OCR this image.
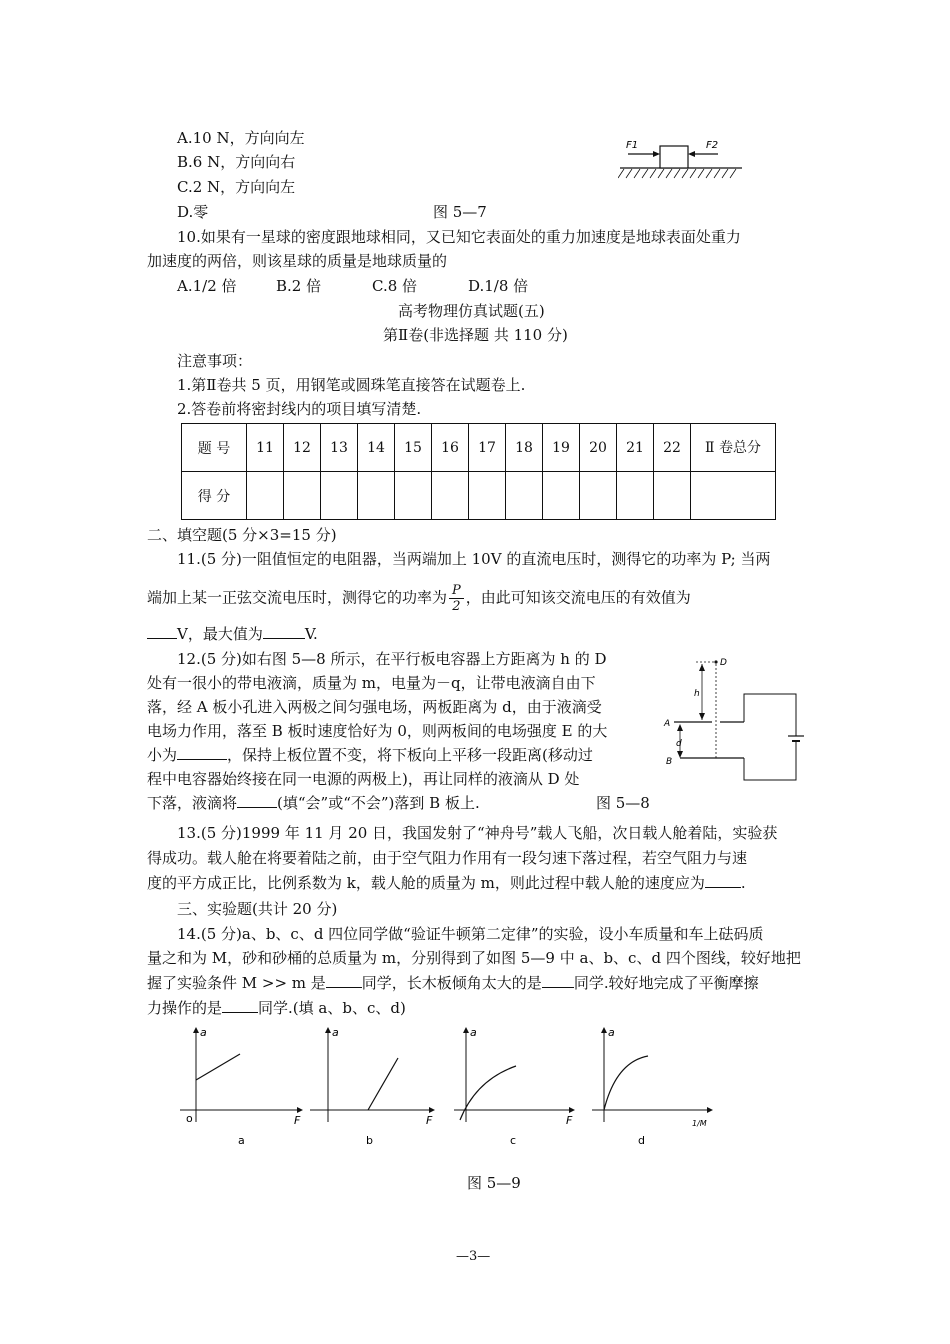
A.10 N，方向向左
B.6 N，方向向右
C.2 N，方向向左
D.零	图 5—7
F1	F2
10.如果有一星球的密度跟地球相同，又已知它表面处的重力加速度是地球表面处重力
加速度的两倍，则该星球的质量是地球质量的
A.1/2 倍	B.2 倍	C.8 倍	D.1/8 倍
高考物理仿真试题(五)
第Ⅱ卷(非选择题 共 110 分)
注意事项：
1.第Ⅱ卷共 5 页，用钢笔或圆珠笔直接答在试题卷上.
2.答卷前将密封线内的项目填写清楚.
题 号	11	12	13	14	15	16	17	18	19	20	21	22	Ⅱ 卷总分
得 分													
二、填空题(5 分×3=15 分)
11.(5 分)一阻值恒定的电阻器，当两端加上 10V 的直流电压时，测得它的功率为 P; 当两
端加上某一正弦交流电压时，测得它的功率为 $\frac{P}{2}$ ，由此可知该交流电压的有效值为
V，最大值为	V.
12.(5 分)如右图 5—8 所示，在平行板电容器上方距离为 h 的 D
处有一很小的带电液滴，质量为 m，电量为－q，让带电液滴自由下
落，经 A 板小孔进入两极之间匀强电场，两板距离为 d，由于液滴受
电场力作用，落至 B 板时速度恰好为 0，则两板间的电场强度 E 的大
小为	，保持上板位置不变，将下板向上平移一段距离(移动过
程中电容器始终接在同一电源的两极上)，再让同样的液滴从 D 处
下落，液滴将	(填“会”或“不会”)落到 B 板上.	图 5—8
D
h
A
B
d
13.(5 分)1999 年 11 月 20 日，我国发射了“神舟号”载人飞船，次日载人舱着陆，实验获
得成功。载人舱在将要着陆之前，由于空气阻力作用有一段匀速下落过程，若空气阻力与速
度的平方成正比，比例系数为 k，载人舱的质量为 m，则此过程中载人舱的速度应为 .
三、实验题(共计 20 分)
14.(5 分)a、b、c、d 四位同学做“验证牛顿第二定律”的实验，设小车质量和车上砝码质
量之和为 M，砂和砂桶的总质量为 m，分别得到了如图 5—9 中 a、b、c、d 四个图线，较好地把
握了实验条件 M >> m 是 同学，长木板倾角太大的是 同学.较好地完成了平衡摩擦
力操作的是 同学.(填 a、b、c、d)
a
F
o
a
a
F
b
a
F
c
a
1/M
d
图 5—9
—3—
